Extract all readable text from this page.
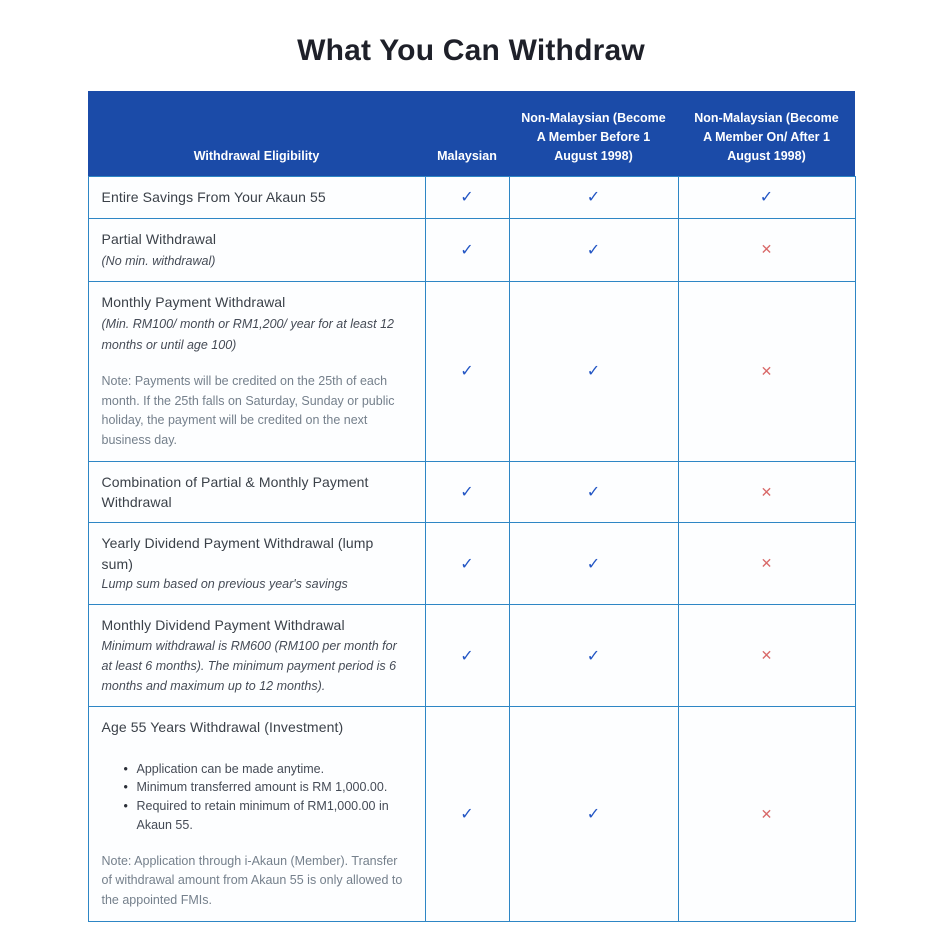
What You Can Withdraw
Withdrawal Eligibility	Malaysian	Non-Malaysian (Become A Member Before 1 August 1998)	Non-Malaysian (Become A Member On/ After 1 August 1998)

Entire Savings From Your Akaun 55	✓	✓	✓

Partial Withdrawal
(No min. withdrawal)	✓	✓	✕

Monthly Payment Withdrawal
(Min. RM100/ month or RM1,200/ year for at least 12 months or until age 100)
Note: Payments will be credited on the 25th of each month. If the 25th falls on Saturday, Sunday or public holiday, the payment will be credited on the next business day.	✓	✓	✕

Combination of Partial & Monthly Payment Withdrawal	✓	✓	✕

Yearly Dividend Payment Withdrawal (lump sum)
Lump sum based on previous year's savings	✓	✓	✕

Monthly Dividend Payment Withdrawal
Minimum withdrawal is RM600 (RM100 per month for at least 6 months). The minimum payment period is 6 months and maximum up to 12 months).	✓	✓	✕

Age 55 Years Withdrawal (Investment)
• Application can be made anytime.
• Minimum transferred amount is RM 1,000.00.
• Required to retain minimum of RM1,000.00 in Akaun 55.
Note: Application through i-Akaun (Member). Transfer of withdrawal amount from Akaun 55 is only allowed to the appointed FMIs.
	✓	✓	✕
